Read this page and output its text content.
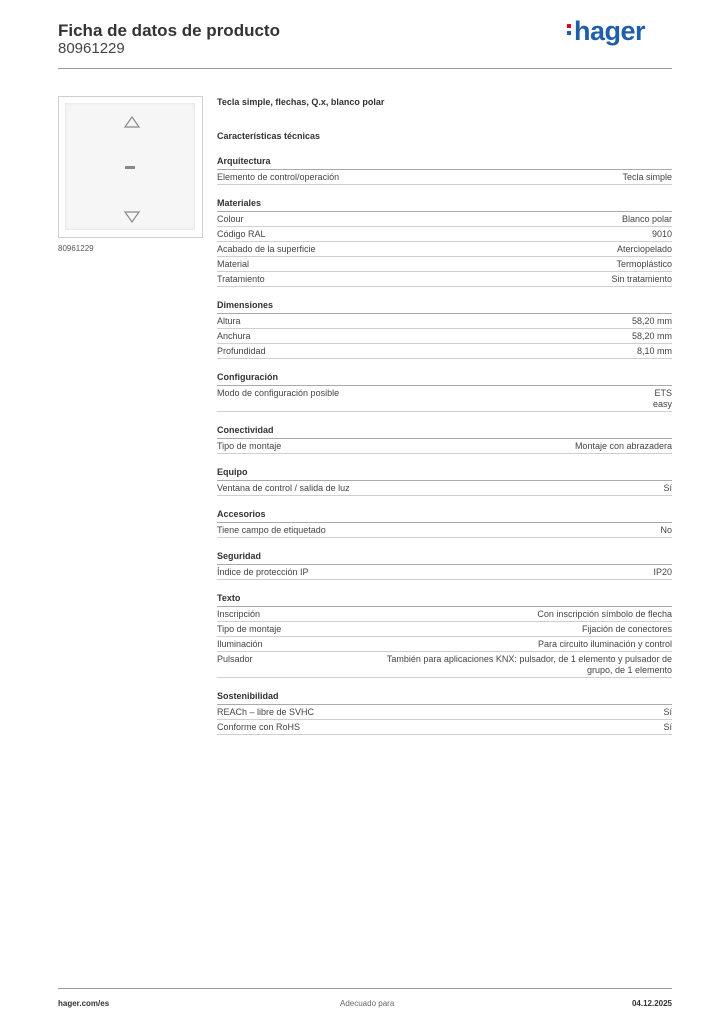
Ficha de datos de producto
80961229
hager
80961229
Tecla simple, flechas, Q.x, blanco polar
Características técnicas
Arquitectura
Elemento de control/operación	Tecla simple
Materiales
Colour	Blanco polar
Código RAL	9010
Acabado de la superficie	Aterciopelado
Material	Termoplástico
Tratamiento	Sin tratamiento
Dimensiones
Altura	58,20 mm
Anchura	58,20 mm
Profundidad	8,10 mm
Configuración
Modo de configuración posible	ETS
easy
Conectividad
Tipo de montaje	Montaje con abrazadera
Equipo
Ventana de control / salida de luz	Sí
Accesorios
Tiene campo de etiquetado	No
Seguridad
Índice de protección IP	IP20
Texto
Inscripción	Con inscripción símbolo de flecha
Tipo de montaje	Fijación de conectores
Iluminación	Para circuito iluminación y control
Pulsador	También para aplicaciones KNX: pulsador, de 1 elemento y pulsador de
grupo, de 1 elemento
Sostenibilidad
REACh – libre de SVHC	Sí
Conforme con RoHS	Sí
hager.com/es	Adecuado para	04.12.2025
